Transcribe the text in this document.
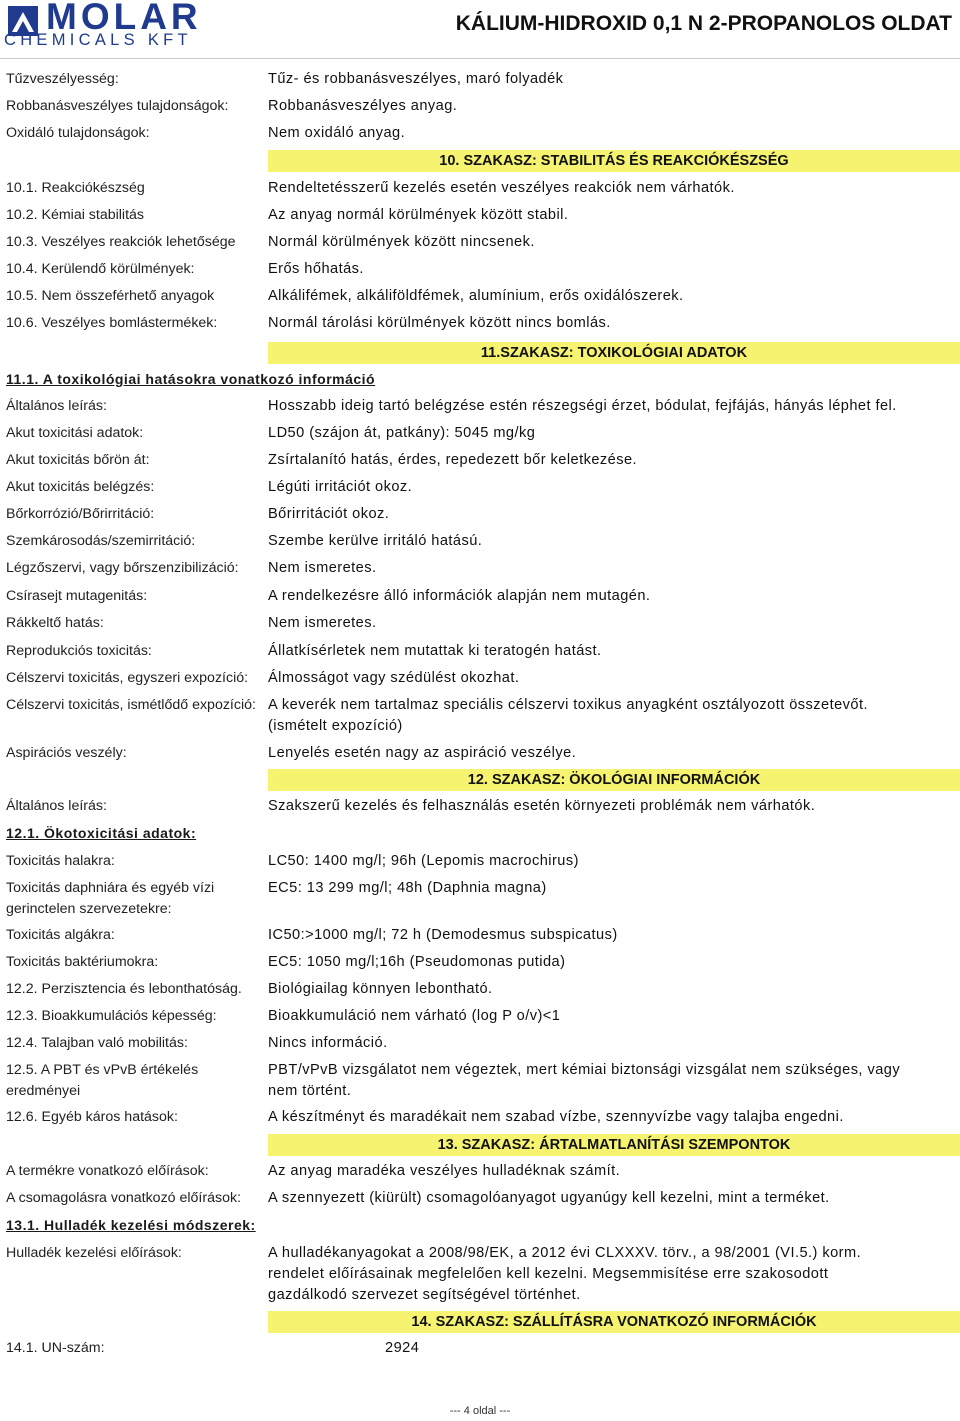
MOLAR
CHEMICALS KFT
KÁLIUM-HIDROXID 0,1 N 2-PROPANOLOS OLDAT
Tűzveszélyesség:	Tűz- és robbanásveszélyes, maró folyadék
Robbanásveszélyes tulajdonságok:	Robbanásveszélyes anyag.
Oxidáló tulajdonságok:	Nem oxidáló anyag.
10. SZAKASZ: STABILITÁS ÉS REAKCIÓKÉSZSÉG
10.1. Reakciókészség	Rendeltetésszerű kezelés esetén veszélyes reakciók nem várhatók.
10.2. Kémiai stabilitás	Az anyag normál körülmények között stabil.
10.3. Veszélyes reakciók lehetősége Normál körülmények között nincsenek.
10.4. Kerülendő körülmények:	Erős hőhatás.
10.5. Nem összeférhető anyagok	Alkálifémek, alkáliföldfémek, alumínium, erős oxidálószerek.
10.6. Veszélyes bomlástermékek:	Normál tárolási körülmények között nincs bomlás.
11.SZAKASZ: TOXIKOLÓGIAI ADATOK
11.1. A toxikológiai hatásokra vonatkozó információ
Általános leírás:	Hosszabb ideig tartó belégzése estén részegségi érzet, bódulat, fejfájás, hányás léphet fel.
Akut toxicitási adatok:	LD50 (szájon át, patkány): 5045 mg/kg
Akut toxicitás bőrön át:	Zsírtalanító hatás, érdes, repedezett bőr keletkezése.
Akut toxicitás belégzés:	Légúti irritációt okoz.
Bőrkorrózió/Bőrirritáció:	Bőrirritációt okoz.
Szemkárosodás/szemirritáció:	Szembe kerülve irritáló hatású.
Légzőszervi, vagy bőrszenzibilizáció: Nem ismeretes.
Csírasejt mutagenitás:	A rendelkezésre álló információk alapján nem mutagén.
Rákkeltő hatás:	Nem ismeretes.
Reprodukciós toxicitás:	Állatkísérletek nem mutattak ki teratogén hatást.
Célszervi toxicitás, egyszeri expozíció: Álmosságot vagy szédülést okozhat.
Célszervi toxicitás, ismétlődő expozíció: A keverék nem tartalmaz speciális célszervi toxikus anyagként osztályozott összetevőt.
(ismételt expozíció)
Aspirációs veszély:	Lenyelés esetén nagy az aspiráció veszélye.
12. SZAKASZ: ÖKOLÓGIAI INFORMÁCIÓK
Általános leírás:	Szakszerű kezelés és felhasználás esetén környezeti problémák nem várhatók.
12.1. Ökotoxicitási adatok:
Toxicitás halakra:	LC50: 1400 mg/l; 96h (Lepomis macrochirus)
Toxicitás daphniára és egyéb vízi
gerinctelen szervezetekre:
EC5: 13 299 mg/l; 48h (Daphnia magna)
Toxicitás algákra:	IC50:>1000 mg/l; 72 h (Demodesmus subspicatus)
Toxicitás baktériumokra:	EC5: 1050 mg/l;16h (Pseudomonas putida)
12.2. Perzisztencia és lebonthatóság. Biológiailag könnyen lebontható.
12.3. Bioakkumulációs képesség:	Bioakkumuláció nem várható (log P o/v)<1
12.4. Talajban való mobilitás:	Nincs információ.
12.5. A PBT és vPvB értékelés
eredményei
PBT/vPvB vizsgálatot nem végeztek, mert kémiai biztonsági vizsgálat nem szükséges, vagy
nem történt.
12.6. Egyéb káros hatások:	A készítményt és maradékait nem szabad vízbe, szennyvízbe vagy talajba engedni.
13. SZAKASZ: ÁRTALMATLANÍTÁSI SZEMPONTOK
A termékre vonatkozó előírások:	Az anyag maradéka veszélyes hulladéknak számít.
A csomagolásra vonatkozó előírások: A szennyezett (kiürült) csomagolóanyagot ugyanúgy kell kezelni, mint a terméket.
13.1. Hulladék kezelési módszerek:
Hulladék kezelési előírások:	A hulladékanyagokat a 2008/98/EK, a 2012 évi CLXXXV. törv., a 98/2001 (VI.5.) korm.
rendelet előírásainak megfelelően kell kezelni. Megsemmisítése erre szakosodott
gazdálkodó szervezet segítségével történhet.
14. SZAKASZ: SZÁLLÍTÁSRA VONATKOZÓ INFORMÁCIÓK
14.1. UN-szám:	2924
--- 4 oldal ---
